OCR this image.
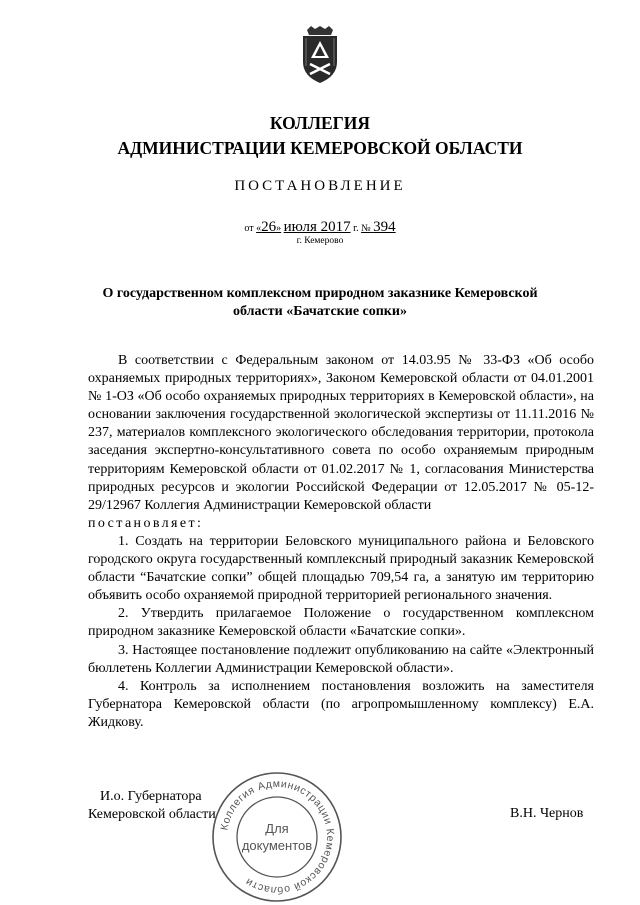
КОЛЛЕГИЯ
АДМИНИСТРАЦИИ КЕМЕРОВСКОЙ ОБЛАСТИ
ПОСТАНОВЛЕНИЕ
от «26» июля 2017 г. № 394
г. Кемерово
О государственном комплексном природном заказнике Кемеровской области «Бачатские сопки»

В соответствии с Федеральным законом от 14.03.95 № 33-ФЗ «Об особо охраняемых природных территориях», Законом Кемеровской области от 04.01.2001 № 1-ОЗ «Об особо охраняемых природных территориях в Кемеровской области», на основании заключения государственной экологической экспертизы от 11.11.2016 № 237, материалов комплексного экологического обследования территории, протокола заседания экспертно-консультативного совета по особо охраняемым природным территориям Кемеровской области от 01.02.2017 № 1, согласования Министерства природных ресурсов и экологии Российской Федерации от 12.05.2017 № 05-12-29/12967 Коллегия Администрации Кемеровской области

постановляет:

1. Создать на территории Беловского муниципального района и Беловского городского округа государственный комплексный природный заказник Кемеровской области “Бачатские сопки” общей площадью 709,54 га, а занятую им территорию объявить особо охраняемой природной территорией регионального значения.

2. Утвердить прилагаемое Положение о государственном комплексном природном заказнике Кемеровской области «Бачатские сопки».

3. Настоящее постановление подлежит опубликованию на сайте «Электронный бюллетень Коллегии Администрации Кемеровской области».

4. Контроль за исполнением постановления возложить на заместителя Губернатора Кемеровской области (по агропромышленному комплексу) Е.А. Жидкову.

И.о. Губернатора
Кемеровской области	В.Н. Чернов
Коллегия Администрации Кемеровской области
Для
документов
